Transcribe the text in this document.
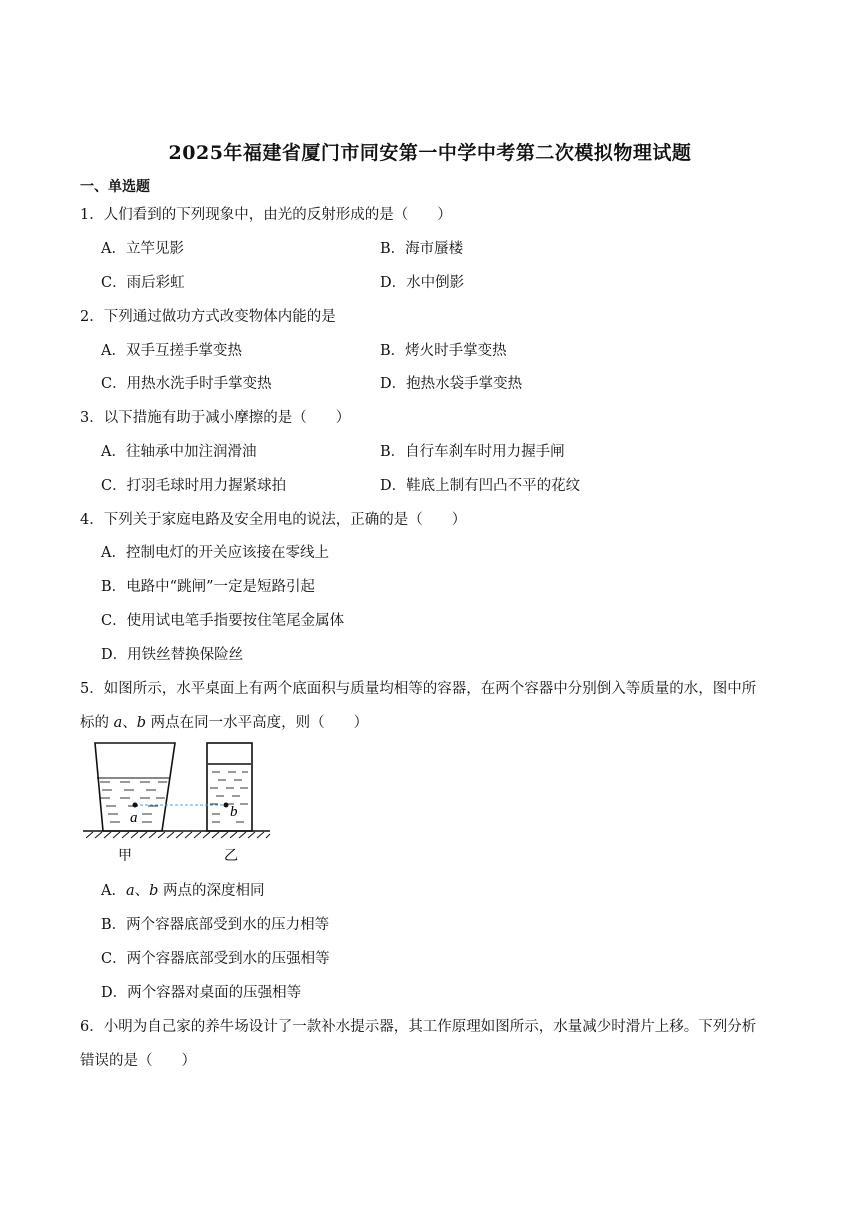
2025年福建省厦门市同安第一中学中考第二次模拟物理试题
一、单选题
1．人们看到的下列现象中，由光的反射形成的是（　　）
A．立竿见影	B．海市蜃楼
C．雨后彩虹	D．水中倒影
2．下列通过做功方式改变物体内能的是
A．双手互搓手掌变热	B．烤火时手掌变热
C．用热水洗手时手掌变热	D．抱热水袋手掌变热
3．以下措施有助于减小摩擦的是（　　）
A．往轴承中加注润滑油	B．自行车刹车时用力握手闸
C．打羽毛球时用力握紧球拍	D．鞋底上制有凹凸不平的花纹
4．下列关于家庭电路及安全用电的说法，正确的是（　　）
A．控制电灯的开关应该接在零线上
B．电路中“跳闸”一定是短路引起
C．使用试电笔手指要按住笔尾金属体
D．用铁丝替换保险丝
5．如图所示，水平桌面上有两个底面积与质量均相等的容器，在两个容器中分别倒入等质量的水，图中所
标的 a、b 两点在同一水平高度，则（　　）
a	b
甲	乙
A．a、b 两点的深度相同
B．两个容器底部受到水的压力相等
C．两个容器底部受到水的压强相等
D．两个容器对桌面的压强相等
6．小明为自己家的养牛场设计了一款补水提示器，其工作原理如图所示，水量减少时滑片上移。下列分析
错误的是（　　）
